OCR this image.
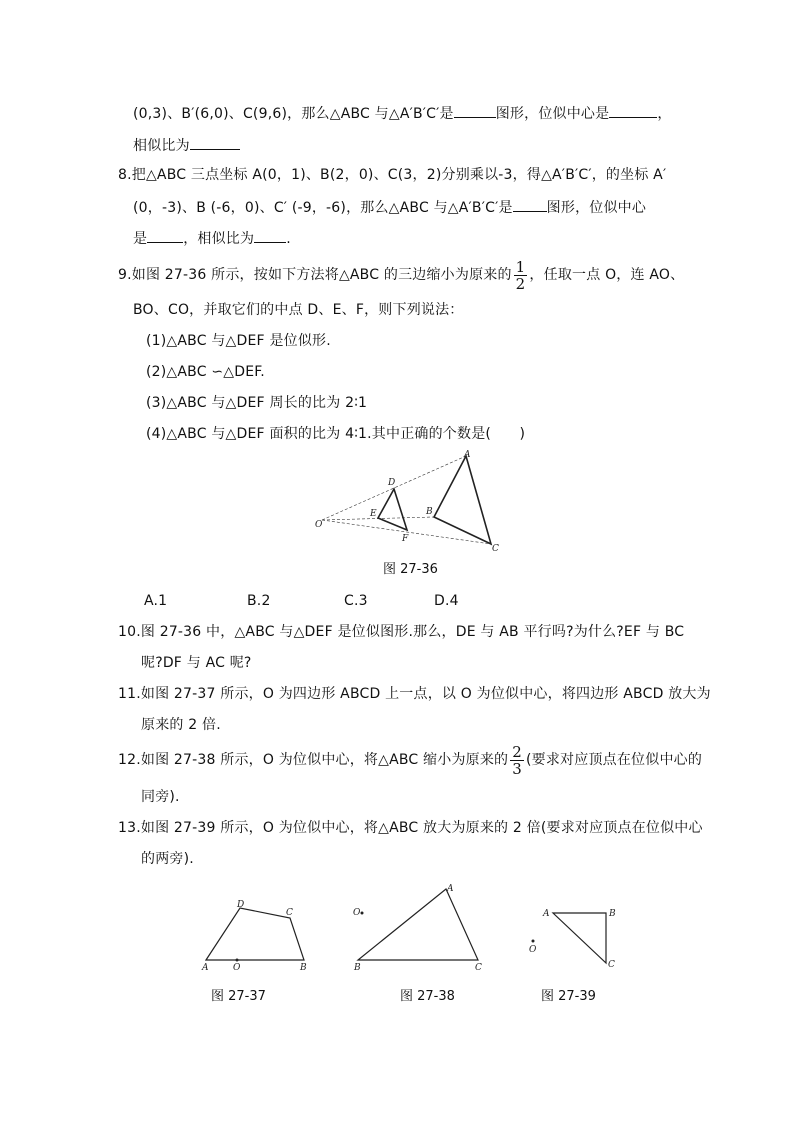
(0,3)、B′(6,0)、C(9,6)，那么△ABC 与△A′B′C′是	图形，位似中心是	，
相似比为
8.把△ABC 三点坐标 A(0，1)、B(2，0)、C(3，2)分别乘以-3，得△A′B′C′，的坐标 A′
(0，-3)、B (-6，0)、C′ (-9，-6)，那么△ABC 与△A′B′C′是 图形，位似中心
是	，相似比为 .
9.如图 27-36 所示，按如下方法将△ABC 的三边缩小为原来的 $\frac{1}{2}$ ，任取一点 O，连 AO、
BO、CO，并取它们的中点 D、E、F，则下列说法：
(1)△ABC 与△DEF 是位似形.
(2)△ABC ∽△DEF.
(3)△ABC 与△DEF 周长的比为 2∶1
(4)△ABC 与△DEF 面积的比为 4∶1.其中正确的个数是(　　)
A
B
C
D
E
F
O
图 27-36
A.1	B.2	C.3	D.4
10.图 27-36 中，△ABC 与△DEF 是位似图形.那么，DE 与 AB 平行吗?为什么?EF 与 BC
呢?DF 与 AC 呢?
11.如图 27-37 所示，O 为四边形 ABCD 上一点，以 O 为位似中心，将四边形 ABCD 放大为
原来的 2 倍.
12.如图 27-38 所示，O 为位似中心，将△ABC 缩小为原来的 $\frac{2}{3}$ (要求对应顶点在位似中心的
同旁).
13.如图 27-39 所示，O 为位似中心，将△ABC 放大为原来的 2 倍(要求对应顶点在位似中心
的两旁).
A	B
C
D
O
O
A
B	C
A	B
C
O
图 27-37	图 27-38	图 27-39
